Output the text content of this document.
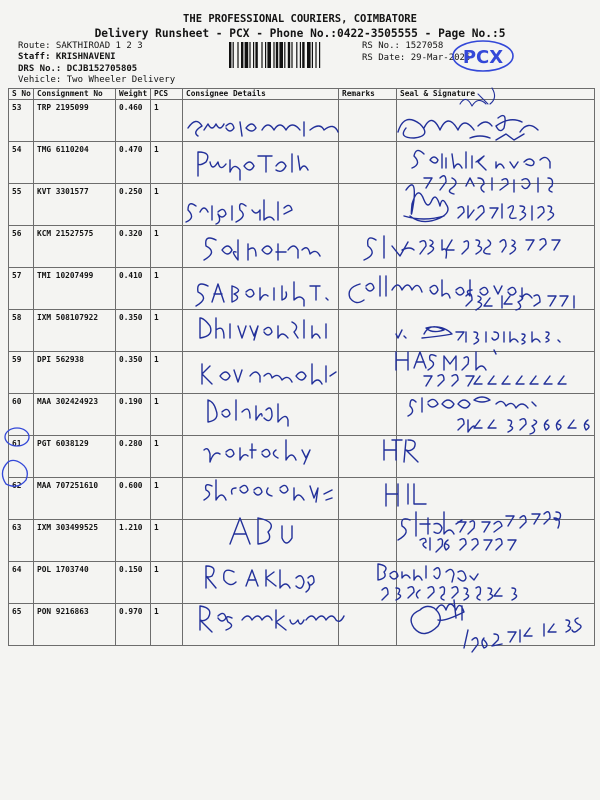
THE PROFESSIONAL COURIERS, COIMBATORE
Delivery Runsheet - PCX - Phone No.:0422-3505555 - Page No.:5
Route: SAKTHIROAD 1 2 3
Staff: KRISHNAVENI
DRS No.: DCJB152705805
Vehicle: Two Wheeler Delivery
RS No.: 1527058
RS Date: 29-Mar-2025
PCX
S No	Consignment No	Weight	PCS	Consignee Details	Remarks	Seal & Signature
53	TRP 2195099	0.460	1			
54	TMG 6110204	0.470	1			
55	KVT 3301577	0.250	1			
56	KCM 21527575	0.320	1			
57	TMI 10207499	0.410	1			
58	IXM 508107922	0.350	1			
59	DPI 562938	0.350	1			
60	MAA 302424923	0.190	1			
61	PGT 6038129	0.280	1			
62	MAA 707251610	0.600	1			
63	IXM 303499525	1.210	1			
64	POL 1703740	0.150	1			
65	PON 9216863	0.970	1			
